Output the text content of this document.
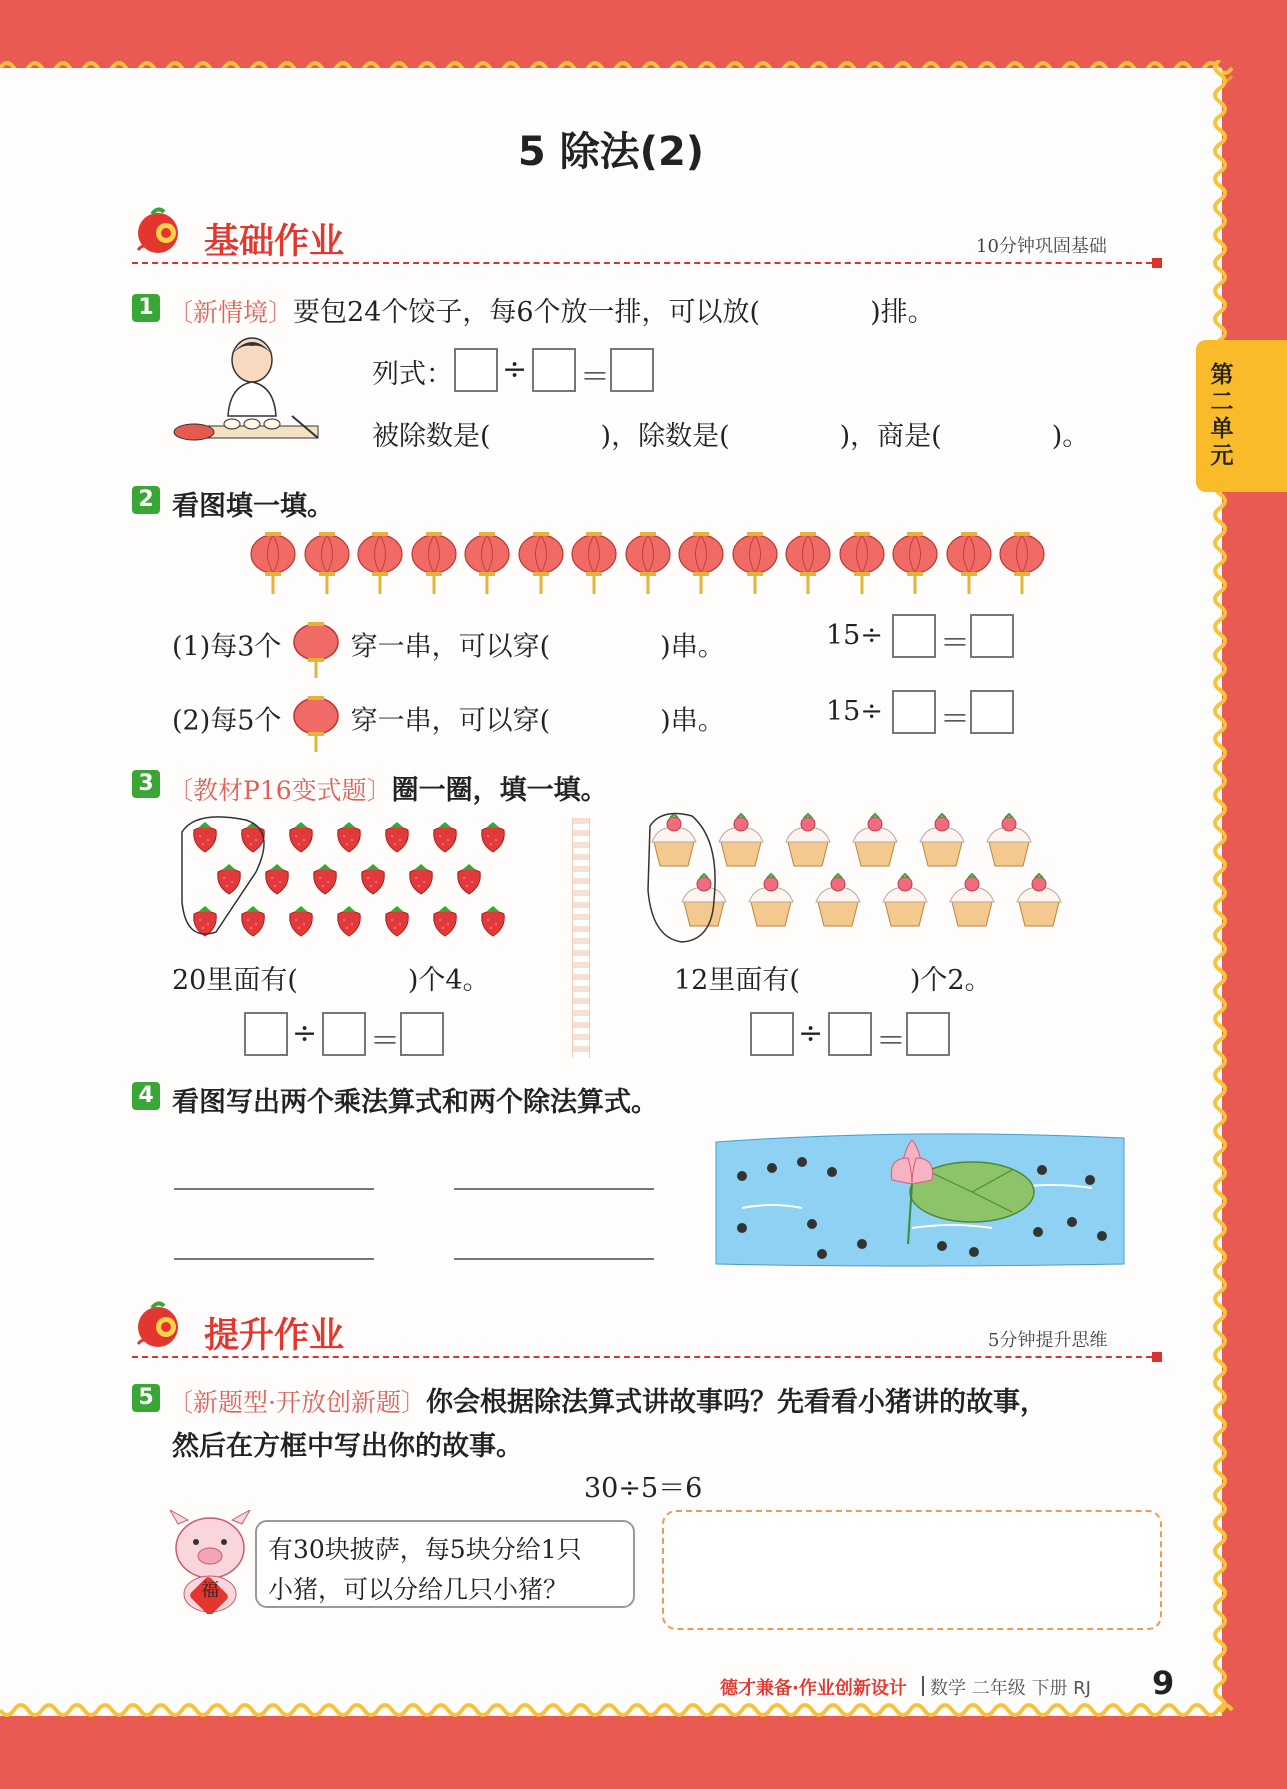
第二单元
5 除法(2)
基础作业	10分钟巩固基础
1 〔新情境〕要包24个饺子，每6个放一排，可以放(	)排。
列式： ÷ ＝
被除数是(	)，除数是(	)，商是(	)。
2 看图填一填。
(1)每3个	穿一串，可以穿(	)串。	15÷ ＝
(2)每5个	穿一串，可以穿(	)串。	15÷ ＝
3 〔教材P16变式题〕圈一圈，填一填。
20里面有(	)个4。	12里面有(	)个2。
÷ ＝	÷ ＝
4 看图写出两个乘法算式和两个除法算式。
提升作业	5分钟提升思维
5 〔新题型·开放创新题〕你会根据除法算式讲故事吗？先看看小猪讲的故事，
然后在方框中写出你的故事。
30÷5＝6
福
有30块披萨，每5块分给1只
小猪，可以分给几只小猪？
德才兼备·作业创新设计 数学 二年级 下册 RJ 9
